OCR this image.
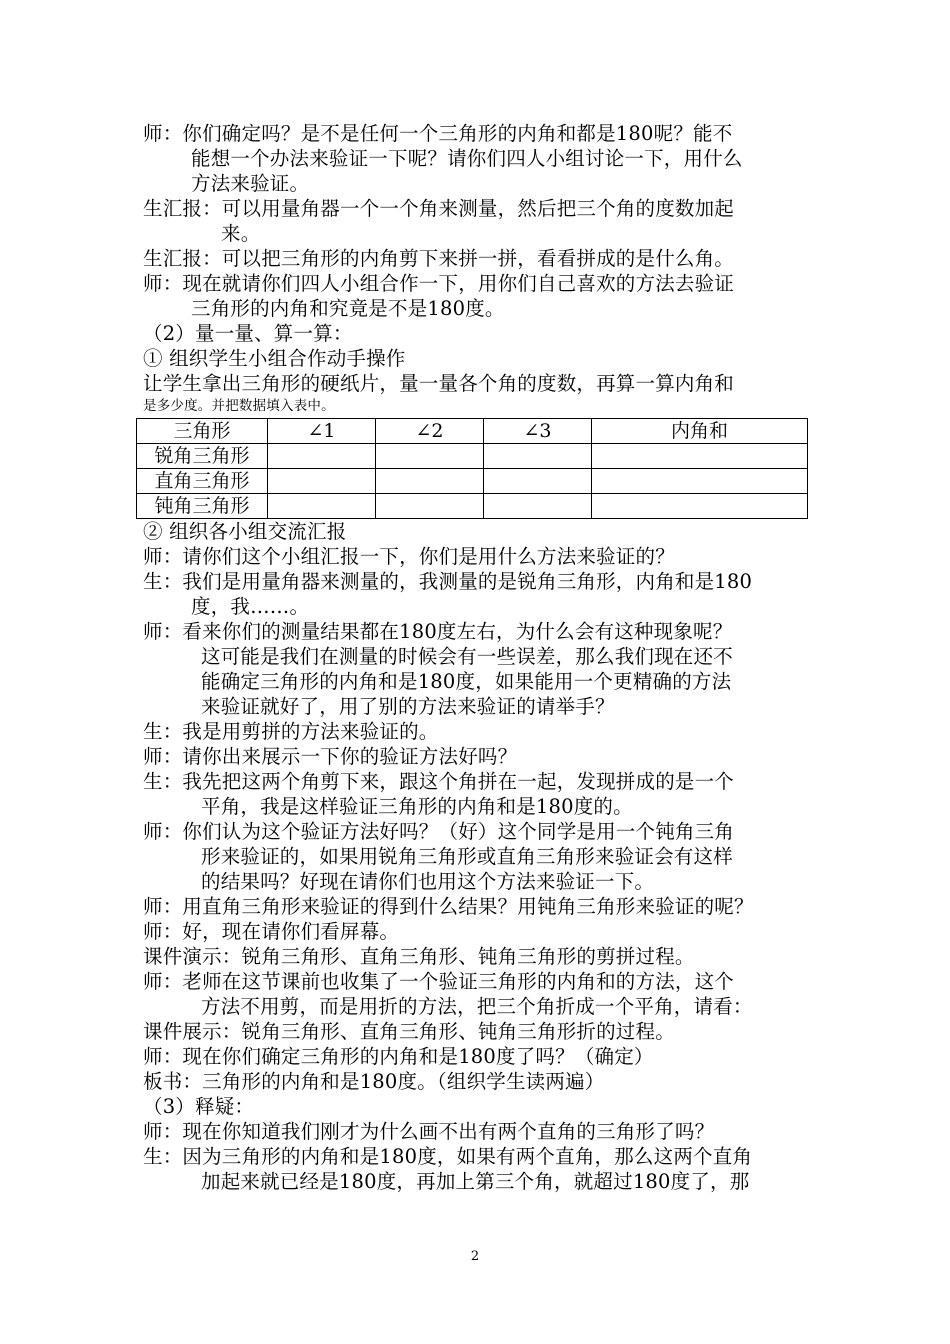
师：你们确定吗？是不是任何一个三角形的内角和都是180呢？能不
能想一个办法来验证一下呢？请你们四人小组讨论一下，用什么
方法来验证。
生汇报：可以用量角器一个一个角来测量，然后把三个角的度数加起
来。
生汇报：可以把三角形的内角剪下来拼一拼，看看拼成的是什么角。
师：现在就请你们四人小组合作一下，用你们自己喜欢的方法去验证
三角形的内角和究竟是不是180度。
（2）量一量、算一算：
① 组织学生小组合作动手操作
让学生拿出三角形的硬纸片，量一量各个角的度数，再算一算内角和
是多少度。并把数据填入表中。
三角形	∠1	∠2	∠3	内角和
锐角三角形				
直角三角形				
钝角三角形				
② 组织各小组交流汇报
师：请你们这个小组汇报一下，你们是用什么方法来验证的？
生：我们是用量角器来测量的，我测量的是锐角三角形，内角和是180
度，我……。
师：看来你们的测量结果都在180度左右，为什么会有这种现象呢？
这可能是我们在测量的时候会有一些误差，那么我们现在还不
能确定三角形的内角和是180度，如果能用一个更精确的方法
来验证就好了，用了别的方法来验证的请举手？
生：我是用剪拼的方法来验证的。
师：请你出来展示一下你的验证方法好吗？
生：我先把这两个角剪下来，跟这个角拼在一起，发现拼成的是一个
平角，我是这样验证三角形的内角和是180度的。
师：你们认为这个验证方法好吗？（好）这个同学是用一个钝角三角
形来验证的，如果用锐角三角形或直角三角形来验证会有这样
的结果吗？好现在请你们也用这个方法来验证一下。
师：用直角三角形来验证的得到什么结果？用钝角三角形来验证的呢？
师：好，现在请你们看屏幕。
课件演示：锐角三角形、直角三角形、钝角三角形的剪拼过程。
师：老师在这节课前也收集了一个验证三角形的内角和的方法，这个
方法不用剪，而是用折的方法，把三个角折成一个平角，请看：
课件展示：锐角三角形、直角三角形、钝角三角形折的过程。
师：现在你们确定三角形的内角和是180度了吗？（确定）
板书：三角形的内角和是180度。（组织学生读两遍）
（3）释疑：
师：现在你知道我们刚才为什么画不出有两个直角的三角形了吗？
生：因为三角形的内角和是180度，如果有两个直角，那么这两个直角
加起来就已经是180度，再加上第三个角，就超过180度了，那
2
